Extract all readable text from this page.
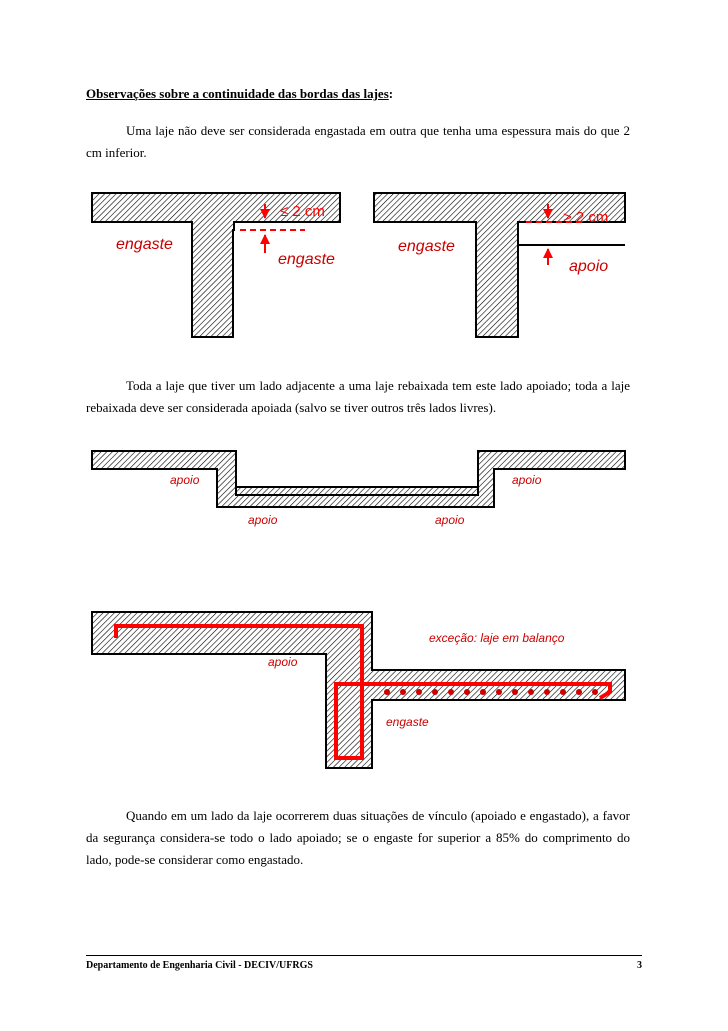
Observações sobre a continuidade das bordas das lajes:

Uma laje não deve ser considerada engastada em outra que tenha uma espessura mais do que 2 cm inferior.

≤ 2 cm
engaste
engaste
> 2 cm
engaste
apoio

Toda a laje que tiver um lado adjacente a uma laje rebaixada tem este lado apoiado; toda a laje rebaixada deve ser considerada apoiada (salvo se tiver outros três lados livres).

apoio	apoio
apoio	apoio
exceção: laje em balanço
apoio
engaste

Quando em um lado da laje ocorrerem duas situações de vínculo (apoiado e engastado), a favor da segurança considera-se todo o lado apoiado; se o engaste for superior a 85% do comprimento do lado, pode-se considerar como engastado.

Departamento de Engenharia Civil - DECIV/UFRGS	3
